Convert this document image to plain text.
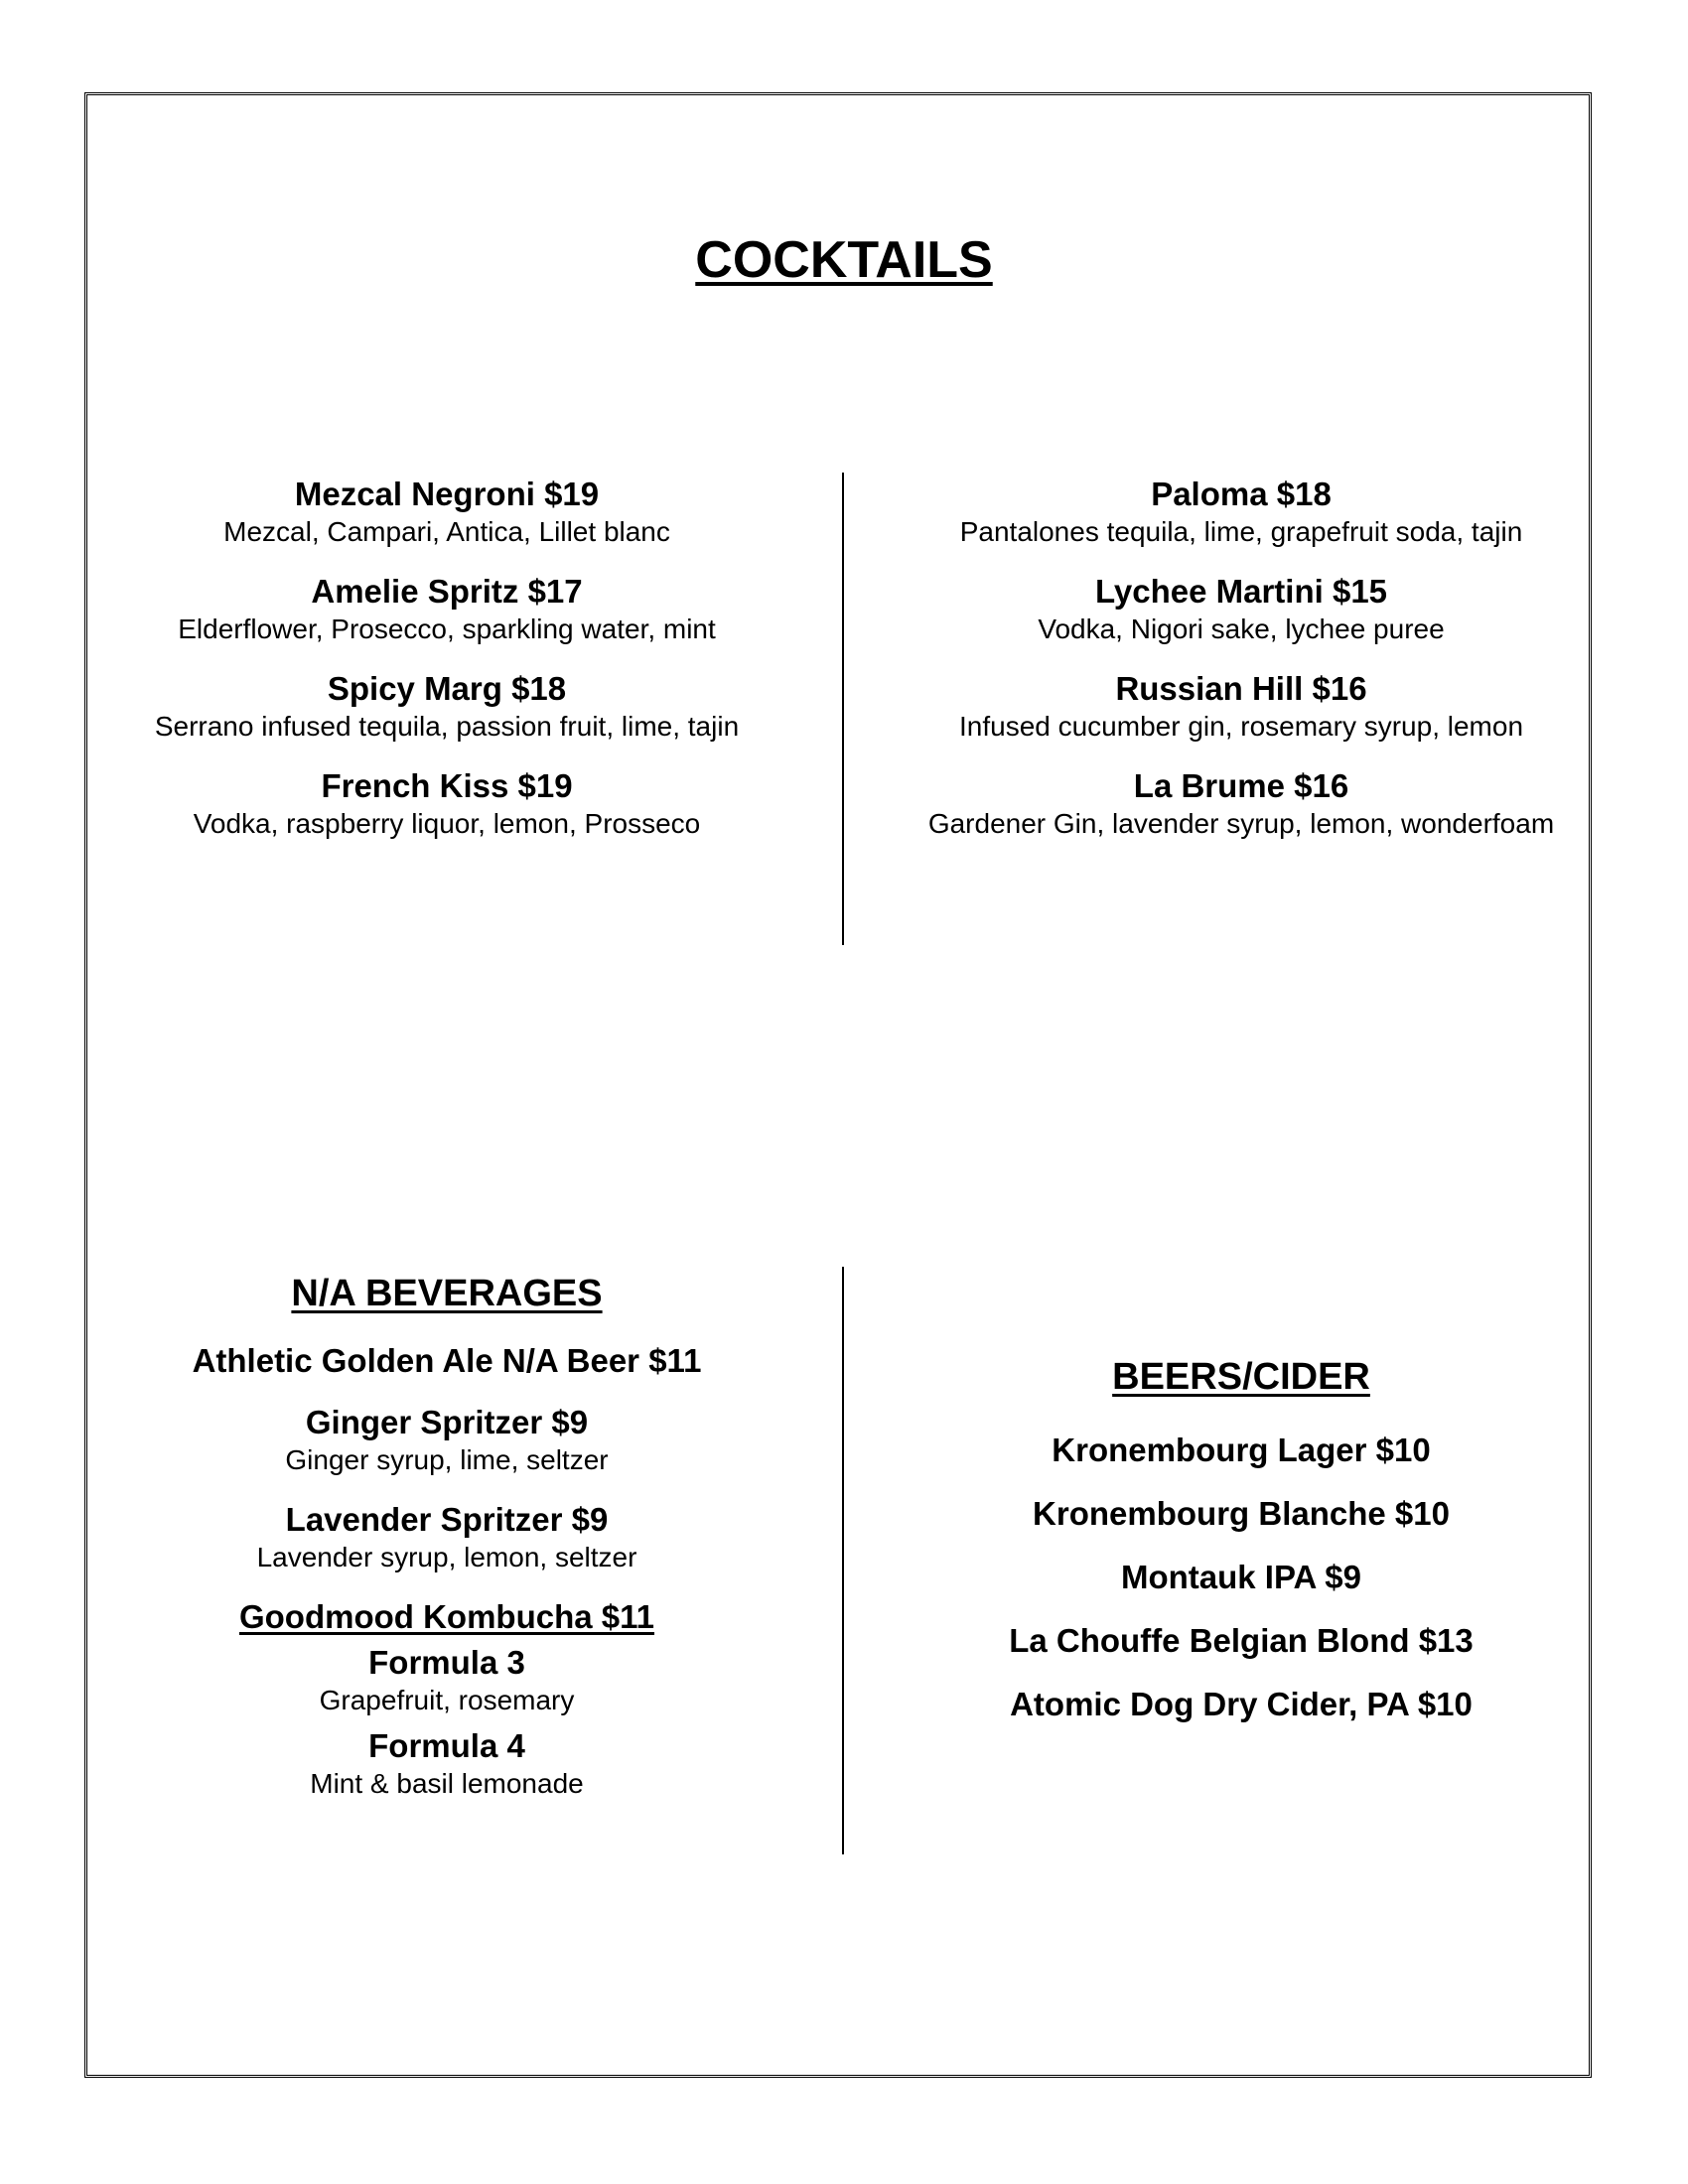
COCKTAILS
Mezcal Negroni $19
Mezcal, Campari, Antica, Lillet blanc
Amelie Spritz $17
Elderflower, Prosecco, sparkling water, mint
Spicy Marg $18
Serrano infused tequila, passion fruit, lime, tajin
French Kiss $19
Vodka, raspberry liquor, lemon, Prosseco
Paloma $18
Pantalones tequila, lime, grapefruit soda, tajin
Lychee Martini $15
Vodka, Nigori sake, lychee puree
Russian Hill $16
Infused cucumber gin, rosemary syrup, lemon
La Brume $16
Gardener Gin, lavender syrup, lemon, wonderfoam
N/A BEVERAGES
Athletic Golden Ale N/A Beer $11
Ginger Spritzer $9
Ginger syrup, lime, seltzer
Lavender Spritzer $9
Lavender syrup, lemon, seltzer
Goodmood Kombucha $11
Formula 3
Grapefruit, rosemary
Formula 4
Mint & basil lemonade
BEERS/CIDER
Kronembourg Lager $10
Kronembourg Blanche $10
Montauk IPA $9
La Chouffe Belgian Blond $13
Atomic Dog Dry Cider, PA $10
